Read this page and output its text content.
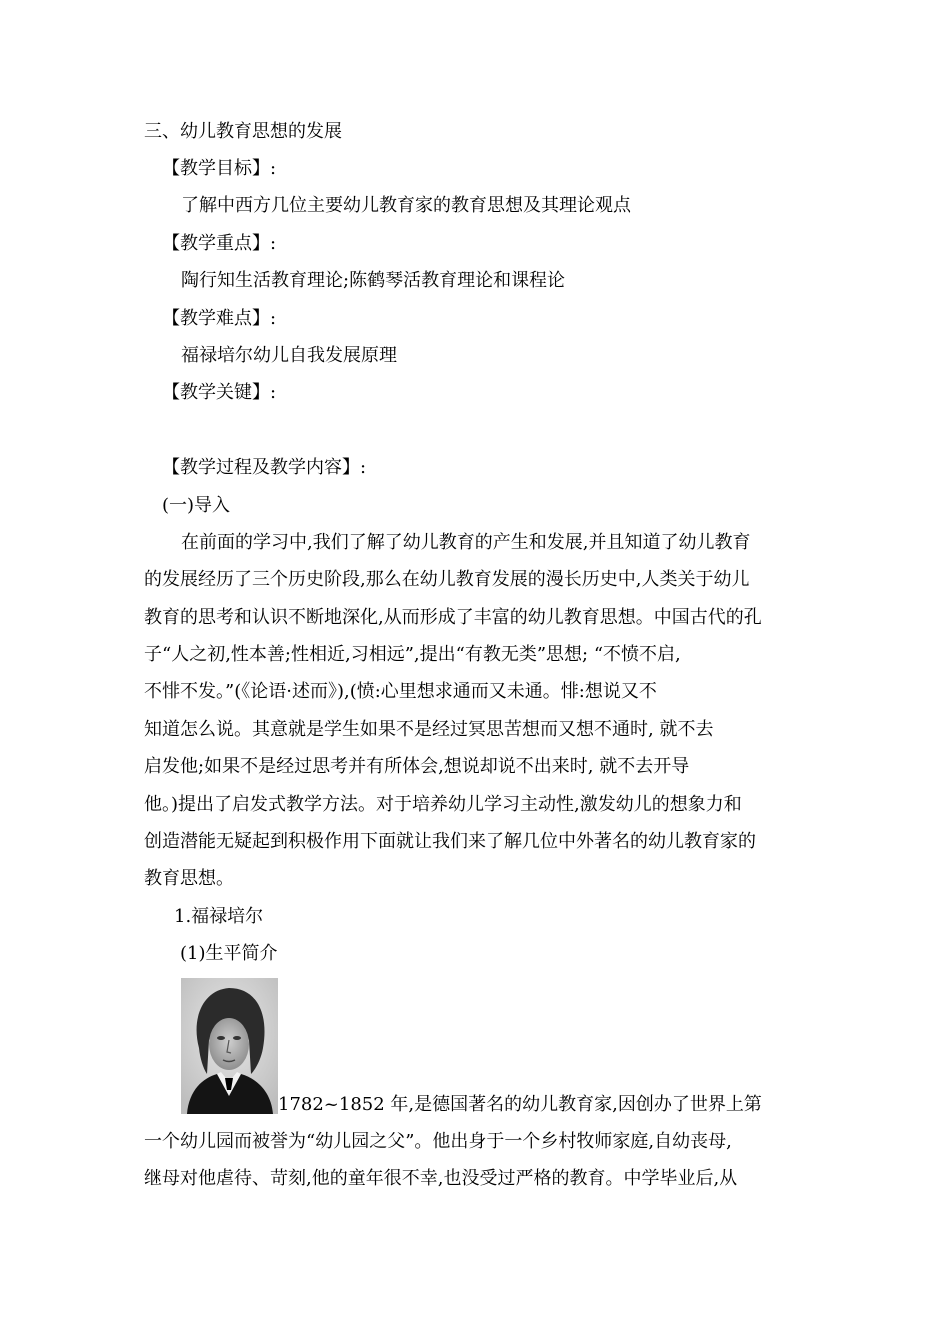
三、幼儿教育思想的发展
【教学目标】:
了解中西方几位主要幼儿教育家的教育思想及其理论观点
【教学重点】:
陶行知生活教育理论;陈鹤琴活教育理论和课程论
【教学难点】:
福禄培尔幼儿自我发展原理
【教学关键】:
【教学过程及教学内容】:
(一)导入
在前面的学习中,我们了解了幼儿教育的产生和发展,并且知道了幼儿教育
的发展经历了三个历史阶段,那么在幼儿教育发展的漫长历史中,人类关于幼儿
教育的思考和认识不断地深化,从而形成了丰富的幼儿教育思想。中国古代的孔
子“人之初,性本善;性相近,习相远”,提出“有教无类”思想; “不愤不启,
不悱不发。”(《论语·述而》),(愤:心里想求通而又未通。悱:想说又不
知道怎么说。其意就是学生如果不是经过冥思苦想而又想不通时, 就不去
启发他;如果不是经过思考并有所体会,想说却说不出来时, 就不去开导
他。)提出了启发式教学方法。对于培养幼儿学习主动性,激发幼儿的想象力和
创造潜能无疑起到积极作用下面就让我们来了解几位中外著名的幼儿教育家的
教育思想。
1.福禄培尔
(1)生平简介
1782~1852 年,是德国著名的幼儿教育家,因创办了世界上第
一个幼儿园而被誉为“幼儿园之父”。他出身于一个乡村牧师家庭,自幼丧母,
继母对他虐待、苛刻,他的童年很不幸,也没受过严格的教育。中学毕业后,从
